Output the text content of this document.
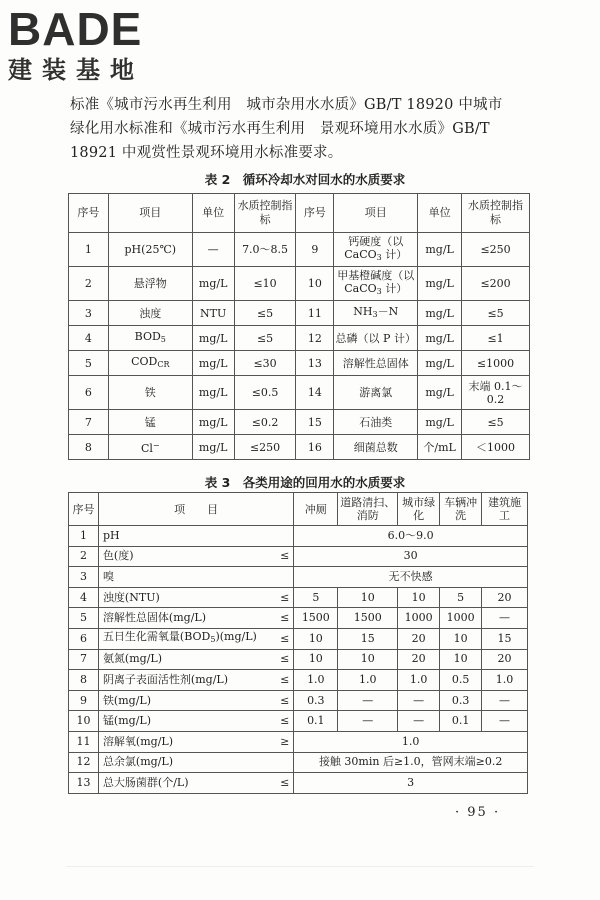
BADE
建装基地
标准《城市污水再生利用　城市杂用水水质》GB/T 18920 中城市
绿化用水标准和《城市污水再生利用　景观环境用水水质》GB/T
18921 中观赏性景观环境用水标准要求。
表 2　循环冷却水对回水的水质要求
序号	项目	单位	水质控制指标	序号	项目	单位	水质控制指标
1	pH(25℃)	—	7.0～8.5	9	钙硬度（以 CaCO$_3$ 计）	mg/L	≤250
2	悬浮物	mg/L	≤10	10	甲基橙碱度（以 CaCO$_3$ 计）	mg/L	≤200
3	浊度	NTU	≤5	11	$NH_3-N$	mg/L	≤5
4	$BOD_5$	mg/L	≤5	12	总磷（以 P 计）	mg/L	≤1
5	$COD_{CR}$	mg/L	≤30	13	溶解性总固体	mg/L	≤1000
6	铁	mg/L	≤0.5	14	游离氯	mg/L	末端 0.1～0.2
7	锰	mg/L	≤0.2	15	石油类	mg/L	≤5
8	Cl−	mg/L	≤250	16	细菌总数	个/mL	＜1000
表 3　各类用途的回用水的水质要求
序号	项　　目		冲厕	道路清扫、消防	城市绿化	车辆冲洗	建筑施工
1	pH		6.0～9.0				
2	色(度)	≤	30				
3	嗅		无不快感				
4	浊度(NTU)	≤	5	10	10	5	20
5	溶解性总固体(mg/L)	≤	1500	1500	1000	1000	—
6	五日生化需氧量$(BOD_5)(mg/L)$	≤	10	15	20	10	15
7	氨氮(mg/L)	≤	10	10	20	10	20
8	阴离子表面活性剂(mg/L)	≤	1.0	1.0	1.0	0.5	1.0
9	铁(mg/L)	≤	0.3	—	—	0.3	—
10	锰(mg/L)	≤	0.1	—	—	0.1	—
11	溶解氧(mg/L)	≥	1.0				
12	总余氯(mg/L)		接触 30min 后≥1.0，管网末端≥0.2				
13	总大肠菌群(个/L)	≤	3				
· 95 ·
